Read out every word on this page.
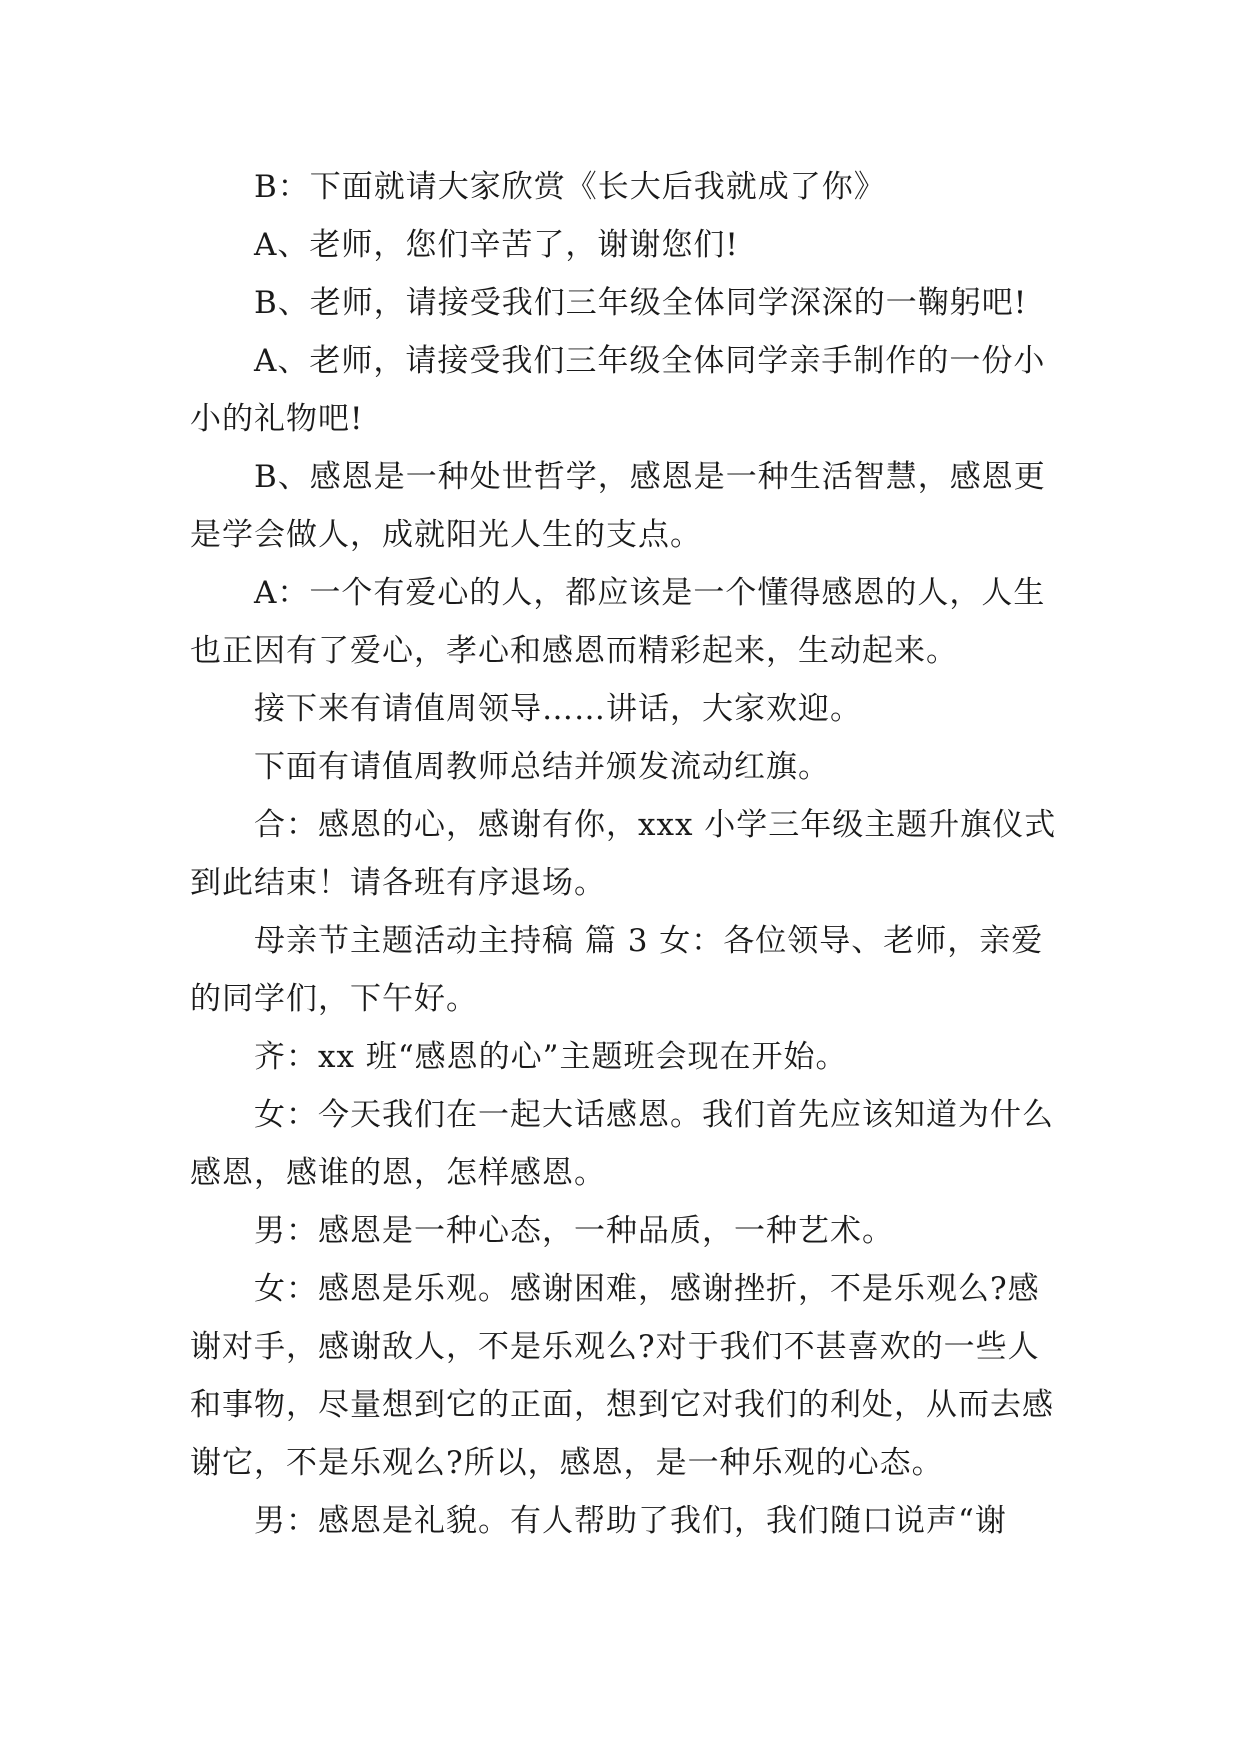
B：下面就请大家欣赏《长大后我就成了你》

A、老师，您们辛苦了，谢谢您们!

B、老师，请接受我们三年级全体同学深深的一鞠躬吧!

A、老师，请接受我们三年级全体同学亲手制作的一份小小的礼物吧!

B、感恩是一种处世哲学，感恩是一种生活智慧，感恩更是学会做人，成就阳光人生的支点。

A：一个有爱心的人，都应该是一个懂得感恩的人，人生也正因有了爱心，孝心和感恩而精彩起来，生动起来。

接下来有请值周领导……讲话，大家欢迎。

下面有请值周教师总结并颁发流动红旗。

合：感恩的心，感谢有你，xxx 小学三年级主题升旗仪式到此结束！请各班有序退场。

母亲节主题活动主持稿 篇 3 女：各位领导、老师，亲爱的同学们，下午好。

齐：xx 班“感恩的心”主题班会现在开始。

女：今天我们在一起大话感恩。我们首先应该知道为什么感恩，感谁的恩，怎样感恩。

男：感恩是一种心态，一种品质，一种艺术。

女：感恩是乐观。感谢困难，感谢挫折，不是乐观么?感谢对手，感谢敌人，不是乐观么?对于我们不甚喜欢的一些人和事物，尽量想到它的正面，想到它对我们的利处，从而去感谢它，不是乐观么?所以，感恩，是一种乐观的心态。

男：感恩是礼貌。有人帮助了我们，我们随口说声“谢
